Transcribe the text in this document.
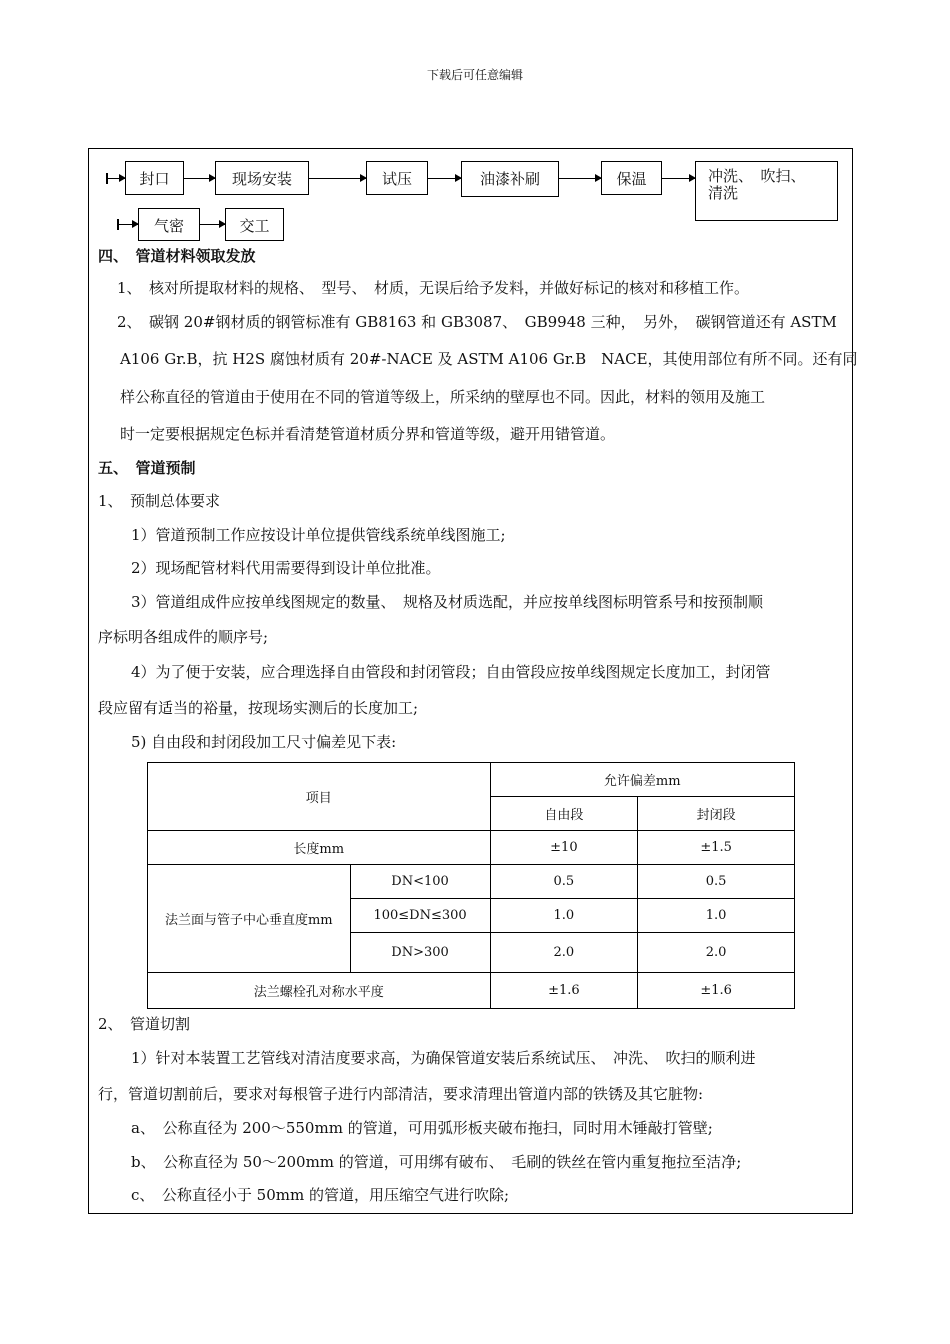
下载后可任意编辑
封口	现场安装	试压	油漆补刷	保温	冲洗、　吹扫、
清洗
气密	交工
四、　管道材料领取发放
1、　核对所提取材料的规格、　型号、　材质，无误后给予发料，并做好标记的核对和移植工作。
2、　碳钢 20#钢材质的钢管标准有 GB8163 和 GB3087、　GB9948 三种，　另外，　碳钢管道还有 ASTM
A106 Gr.B，抗 H2S 腐蚀材质有 20#-NACE 及 ASTM A106 Gr.B　NACE，其使用部位有所不同。还有同
样公称直径的管道由于使用在不同的管道等级上，所采纳的壁厚也不同。因此，材料的领用及施工
时一定要根据规定色标并看清楚管道材质分界和管道等级，避开用错管道。
五、　管道预制
1、　预制总体要求
1）管道预制工作应按设计单位提供管线系统单线图施工;
2）现场配管材料代用需要得到设计单位批准。
3）管道组成件应按单线图规定的数量、　规格及材质选配，并应按单线图标明管系号和按预制顺
序标明各组成件的顺序号;
4）为了便于安装，应合理选择自由管段和封闭管段；自由管段应按单线图规定长度加工，封闭管
段应留有适当的裕量，按现场实测后的长度加工;
5) 自由段和封闭段加工尺寸偏差见下表:
项目		允许偏差mm	
		自由段	封闭段
长度mm		±10	±1.5
法兰面与管子中心垂直度mm	DN<100	0.5	0.5
	100≤DN≤300	1.0	1.0
	DN>300	2.0	2.0
法兰螺栓孔对称水平度		±1.6	±1.6
2、　管道切割
1）针对本装置工艺管线对清洁度要求高，为确保管道安装后系统试压、　冲洗、　吹扫的顺利进
行，管道切割前后，要求对每根管子进行内部清洁，要求清理出管道内部的铁锈及其它脏物:
a、　公称直径为 200～550mm 的管道，可用弧形板夹破布拖扫，同时用木锤敲打管壁;
b、　公称直径为 50～200mm 的管道，可用绑有破布、　毛刷的铁丝在管内重复拖拉至洁净;
c、　公称直径小于 50mm 的管道，用压缩空气进行吹除;
